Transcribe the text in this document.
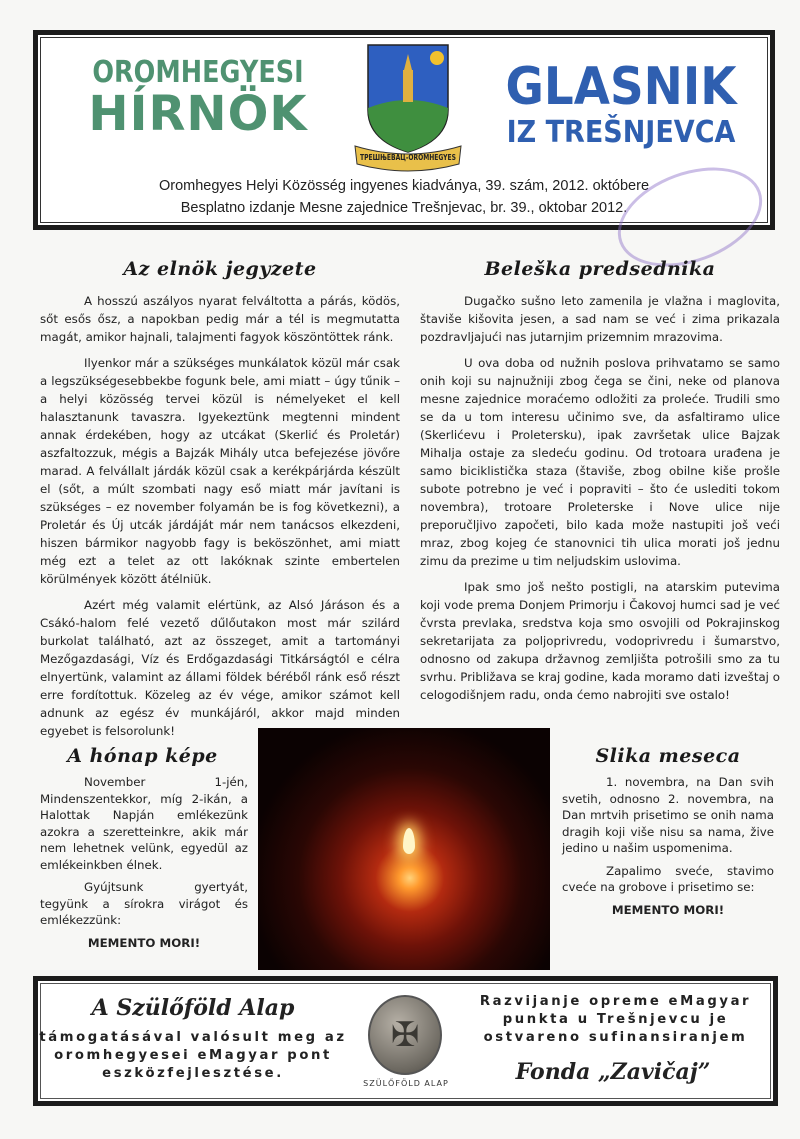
OROMHEGYESI
HÍRNÖK
ТРЕШЊЕВАЦ-OROMHEGYES
GLASNIK
IZ TREŠNJEVCA
Oromhegyes Helyi Közösség ingyenes kiadványa, 39. szám, 2012. októbere
Besplatno izdanje Mesne zajednice Trešnjevac, br. 39., oktobar 2012.
Az elnök jegyzete

A hosszú aszályos nyarat felváltotta a párás, ködös, sőt esős ősz, a napokban pedig már a tél is megmutatta magát, amikor hajnali, talajmenti fagyok köszöntöttek ránk.

Ilyenkor már a szükséges munkálatok közül már csak a legszükségesebbekbe fogunk bele, ami miatt – úgy tűnik – a helyi közösség tervei közül is némelyeket el kell halasztanunk tavaszra. Igyekeztünk megtenni mindent annak érdekében, hogy az utcákat (Skerlić és Proletár) aszfaltozzuk, mégis a Bajzák Mihály utca befejezése jövőre marad. A felvállalt járdák közül csak a kerékpárjárda készült el (sőt, a múlt szombati nagy eső miatt már javítani is szükséges – ez november folyamán be is fog következni), a Proletár és Új utcák járdáját már nem tanácsos elkezdeni, hiszen bármikor nagyobb fagy is beköszönhet, ami miatt még ezt a telet az ott lakóknak szinte embertelen körülmények között átélniük.

Azért még valamit elértünk, az Alsó Járáson és a Csákó-halom felé vezető dűlőutakon most már szilárd burkolat található, azt az összeget, amit a tartományi Mezőgazdasági, Víz és Erdőgazdasági Titkárságtól e célra elnyertünk, valamint az állami földek béréből ránk eső részt erre fordítottuk. Közeleg az év vége, amikor számot kell adnunk az egész év munkájáról, akkor majd minden egyebet is felsorolunk!

Beleška predsednika

Dugačko sušno leto zamenila je vlažna i maglovita, štaviše kišovita jesen, a sad nam se već i zima prikazala pozdravljajući nas jutarnjim prizemnim mrazovima.

U ova doba od nužnih poslova prihvatamo se samo onih koji su najnužniji zbog čega se čini, neke od planova mesne zajednice moraćemo odložiti za proleće. Trudili smo se da u tom interesu učinimo sve, da asfaltiramo ulice (Skerlićevu i Proletersku), ipak završetak ulice Bajzak Mihalja ostaje za sledeću godinu. Od trotoara urađena je samo biciklistička staza (štaviše, zbog obilne kiše prošle subote potrebno je već i popraviti – što će uslediti tokom novembra), trotoare Proleterske i Nove ulice nije preporučljivo započeti, bilo kada može nastupiti još veći mraz, zbog kojeg će stanovnici tih ulica morati još jednu zimu da prezime u tim neljudskim uslovima.

Ipak smo još nešto postigli, na atarskim putevima koji vode prema Donjem Primorju i Čakovoj humci sad je već čvrsta prevlaka, sredstva koja smo osvojili od Pokrajinskog sekretarijata za poljoprivredu, vodoprivredu i šumarstvo, odnosno od zakupa državnog zemljišta potrošili smo za tu svrhu. Približava se kraj godine, kada moramo dati izveštaj o celogodišnjem radu, onda ćemo nabrojiti sve ostalo!

A hónap képe

November 1-jén, Mindenszentekkor, míg 2-ikán, a Halottak Napján emlékezünk azokra a szeretteinkre, akik már nem lehetnek velünk, egyedül az emlékeinkben élnek.

Gyújtsunk gyertyát, tegyünk a sírokra virágot és emlékezzünk:

MEMENTO MORI!

Slika meseca

1. novembra, na Dan svih svetih, odnosno 2. novembra, na Dan mrtvih prisetimo se onih nama dragih koji više nisu sa nama, žive jedino u našim uspomenima.

Zapalimo sveće, stavimo cveće na grobove i prisetimo se:

MEMENTO MORI!

A Szülőföld Alap
támogatásával valósult meg az oromhegyesei eMagyar pont eszközfejlesztése.
✠
SZÜLŐFÖLD ALAP
Razvijanje opreme eMagyar punkta u Trešnjevcu je ostvareno sufinansiranjem
Fonda „Zavičaj”
